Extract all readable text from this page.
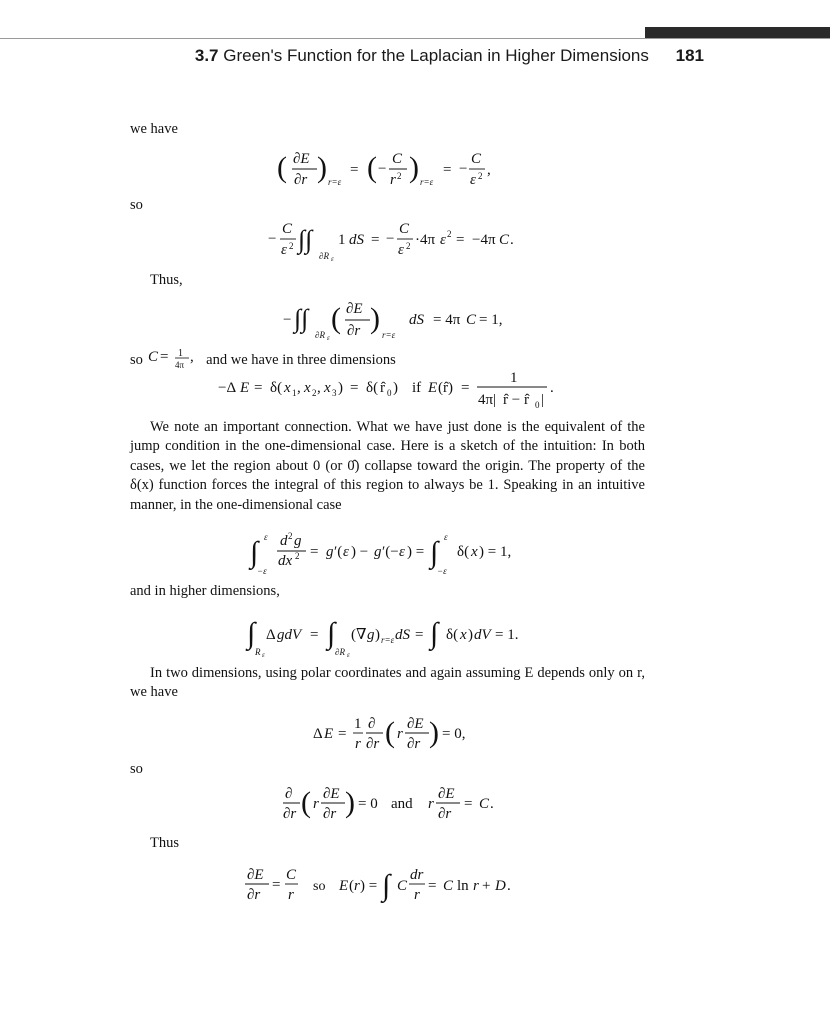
3.7 Green's Function for the Laplacian in Higher Dimensions 181
we have
( ∂E
∂r ) r=ε
= ( −
C
r 2 ) r=ε
= −
C
ε 2 ,
so
−
C
ε 2 ∫∫
∂R ε
1 dS = −
C
ε 2 ·4π ε 2 = −4π C .
Thus,
− ∫∫
∂R ε
( ∂E
∂r ) r=ε
dS = 4π C = 1,
so C = 1
4π , and we have in three dimensions
−Δ E = δ( x 1 , x 2 , x 3 ) = δ( r̂ 0 ) if E (r̂) =
1
4π| r̂ − r̂ 0 |
.
We note an important connection. What we have just done is the equivalent of the jump condition in the one-dimensional case. Here is a sketch of the intuition: In both cases, we let the region about 0 (or 0̂) collapse toward the origin. The property of the δ(x) function forces the integral of this region to always be 1. Speaking in an intuitive manner, in the one-dimensional case
∫ ε
−ε
d 2 g
dx 2 = g ′( ε ) − g ′(− ε ) = ∫ ε
−ε
δ( x ) = 1,
and in higher dimensions,
∫
R ε
Δ gdV = ∫
∂R ε
(∇ g ) r=ε dS = ∫ δ( x ) dV = 1.
In two dimensions, using polar coordinates and again assuming E depends only on r, we have
Δ E =
1
r
∂
∂r ( r
∂E
∂r ) = 0,
so
∂
∂r ( r
∂E
∂r ) = 0 and r
∂E
∂r
= C .
Thus
∂E
∂r
=
C
r
so E ( r ) = ∫ C
dr
r
= C ln r + D .
